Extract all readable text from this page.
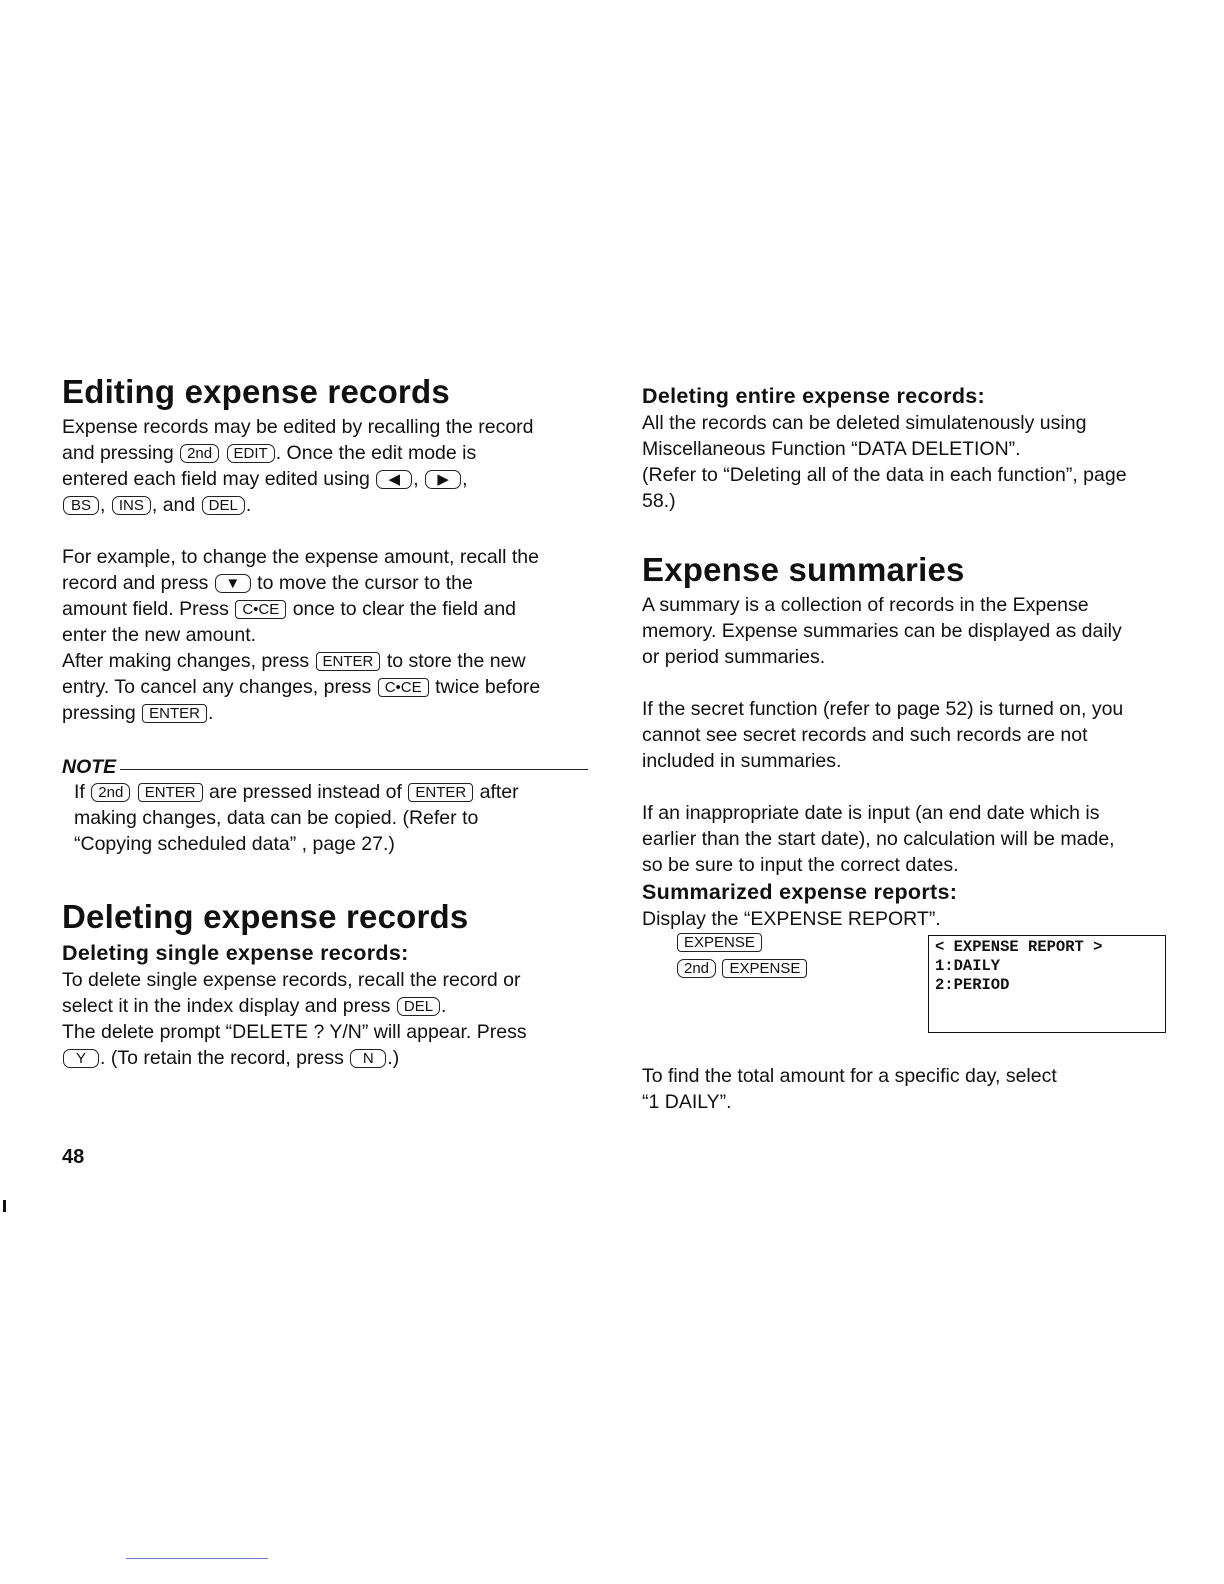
Editing expense records

Expense records may be edited by recalling the record

and pressing 2nd EDIT . Once the edit mode is

entered each field may edited using ◀ , ▶ ,

BS , INS , and DEL .

For example, to change the expense amount, recall the

record and press ▼ to move the cursor to the

amount field. Press C•CE once to clear the field and

enter the new amount.

After making changes, press ENTER to store the new

entry. To cancel any changes, press C•CE twice before

pressing ENTER .

NOTE

If 2nd ENTER are pressed instead of ENTER after

making changes, data can be copied. (Refer to

“Copying scheduled data” , page 27.)

Deleting expense records
Deleting single expense records:

To delete single expense records, recall the record or

select it in the index display and press DEL .

The delete prompt “DELETE ? Y/N” will appear. Press

Y . (To retain the record, press N .)

Deleting entire expense records:

All the records can be deleted simulatenously using

Miscellaneous Function “DATA DELETION”.

(Refer to “Deleting all of the data in each function”, page

58.)

Expense summaries

A summary is a collection of records in the Expense

memory. Expense summaries can be displayed as daily

or period summaries.

If the secret function (refer to page 52) is turned on, you

cannot see secret records and such records are not

included in summaries.

If an inappropriate date is input (an end date which is

earlier than the start date), no calculation will be made,

so be sure to input the correct dates.

Summarized expense reports:

Display the “EXPENSE REPORT”.

EXPENSE
2nd EXPENSE
< EXPENSE REPORT >
1:DAILY
2:PERIOD

To find the total amount for a specific day, select

“1 DAILY”.

48
